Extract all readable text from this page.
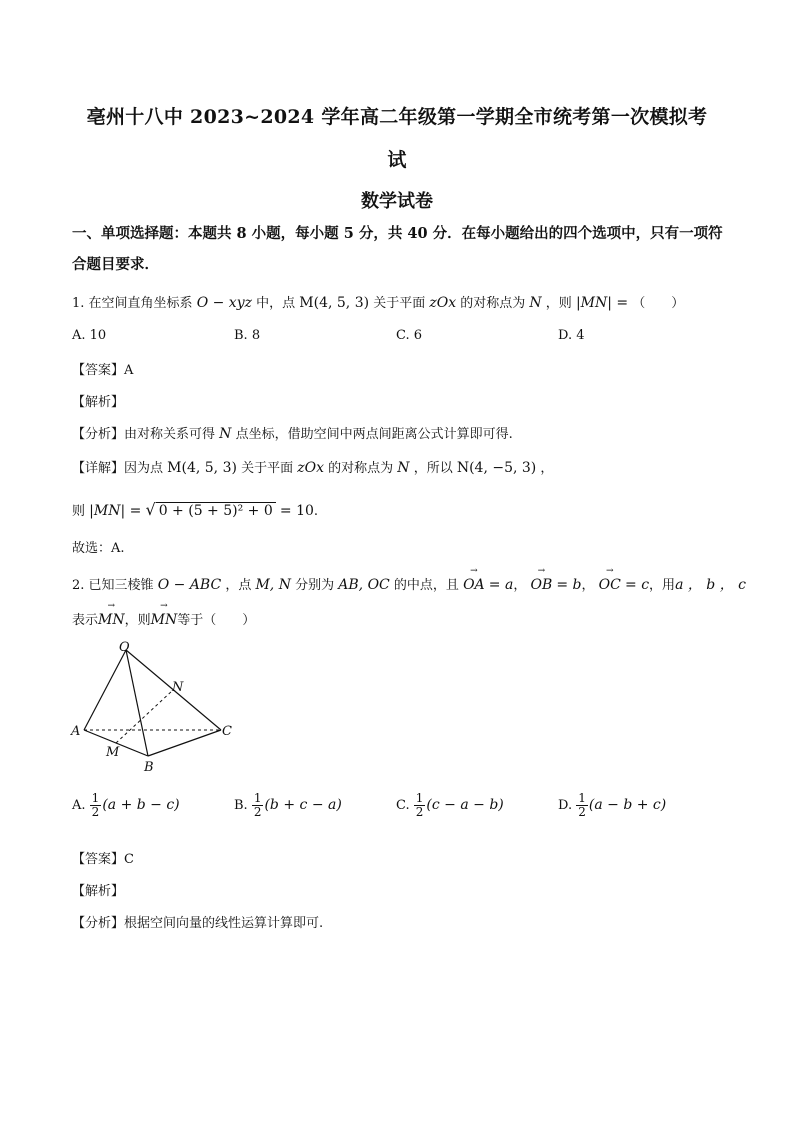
亳州十八中 2023~2024 学年高二年级第一学期全市统考第一次模拟考
试
数学试卷
一、单项选择题：本题共 8 小题，每小题 5 分，共 40 分．在每小题给出的四个选项中，只有一项符合题目要求．
1. 在空间直角坐标系 O − xyz 中，点 M(4, 5, 3) 关于平面 zOx 的对称点为 N ，则 |MN| = （　　）
A. 10	B. 8	C. 6	D. 4
【答案】A
【解析】
【分析】由对称关系可得 N 点坐标，借助空间中两点间距离公式计算即可得.
【详解】因为点 M(4, 5, 3) 关于平面 zOx 的对称点为 N ，所以 N(4, −5, 3) ，
则 |MN| = √ 0 + (5 + 5)² + 0 = 10.
故选：A.
2. 已知三棱锥 O − ABC ，点 M, N 分别为 AB, OC 的中点，且 → OA = a， → OB = b， → OC = c，用a ， b ， c
表示→ MN，则→ MN等于（　　）
O
N
A
M
B
C
A. $\frac{1}{2} (a + b - c)$	B. $\frac{1}{2} (b + c - a)$	C. $\frac{1}{2} (c - a - b)$	D. $\frac{1}{2} (a - b + c)$
【答案】C
【解析】
【分析】根据空间向量的线性运算计算即可.
